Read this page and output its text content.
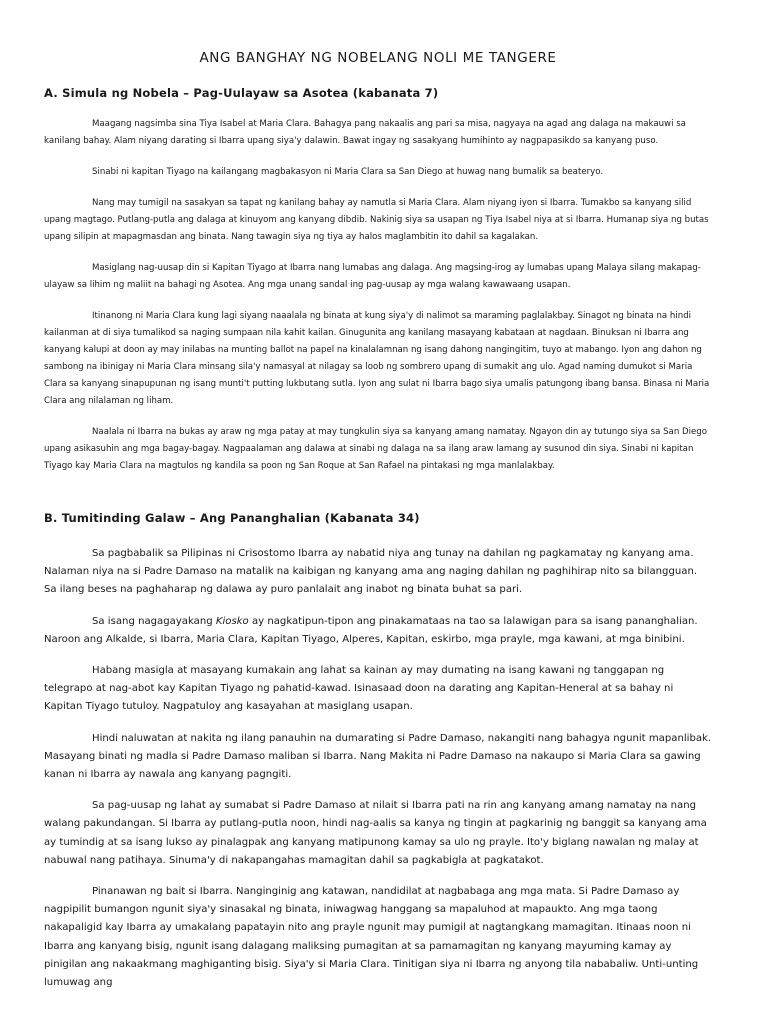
ANG BANGHAY NG NOBELANG NOLI ME TANGERE
A. Simula ng Nobela – Pag-Uulayaw sa Asotea (kabanata 7)

Maagang nagsimba sina Tiya Isabel at Maria Clara. Bahagya pang nakaalis ang pari sa misa, nagyaya na agad ang dalaga na makauwi sa kanilang bahay. Alam niyang darating si Ibarra upang siya'y dalawin. Bawat ingay ng sasakyang humihinto ay nagpapasikdo sa kanyang puso.

Sinabi ni kapitan Tiyago na kailangang magbakasyon ni Maria Clara sa San Diego at huwag nang bumalik sa beateryo.

Nang may tumigil na sasakyan sa tapat ng kanilang bahay ay namutla si Maria Clara. Alam niyang iyon si Ibarra. Tumakbo sa kanyang silid upang magtago. Putlang-putla ang dalaga at kinuyom ang kanyang dibdib. Nakinig siya sa usapan ng Tiya Isabel niya at si Ibarra. Humanap siya ng butas upang silipin at mapagmasdan ang binata. Nang tawagin siya ng tiya ay halos maglambitin ito dahil sa kagalakan.

Masiglang nag-uusap din si Kapitan Tiyago at Ibarra nang lumabas ang dalaga. Ang magsing-irog ay lumabas upang Malaya silang makapag-ulayaw sa lihim ng maliit na bahagi ng Asotea. Ang mga unang sandal ing pag-uusap ay mga walang kawawaang usapan.

Itinanong ni Maria Clara kung lagi siyang naaalala ng binata at kung siya'y di nalimot sa maraming paglalakbay. Sinagot ng binata na hindi kailanman at di siya tumalikod sa naging sumpaan nila kahit kailan. Ginugunita ang kanilang masayang kabataan at nagdaan. Binuksan ni Ibarra ang kanyang kalupi at doon ay may inilabas na munting ballot na papel na kinalalamnan ng isang dahong nangingitim, tuyo at mabango. Iyon ang dahon ng sambong na ibinigay ni Maria Clara minsang sila'y namasyal at nilagay sa loob ng sombrero upang di sumakit ang ulo. Agad naming dumukot si Maria Clara sa kanyang sinapupunan ng isang munti't putting lukbutang sutla. Iyon ang sulat ni Ibarra bago siya umalis patungong ibang bansa. Binasa ni Maria Clara ang nilalaman ng liham.

Naalala ni Ibarra na bukas ay araw ng mga patay at may tungkulin siya sa kanyang amang namatay. Ngayon din ay tutungo siya sa San Diego upang asikasuhin ang mga bagay-bagay. Nagpaalaman ang dalawa at sinabi ng dalaga na sa ilang araw lamang ay susunod din siya. Sinabi ni kapitan Tiyago kay Maria Clara na magtulos ng kandila sa poon ng San Roque at San Rafael na pintakasi ng mga manlalakbay.

B. Tumitinding Galaw – Ang Pananghalian (Kabanata 34)

Sa pagbabalik sa Pilipinas ni Crisostomo Ibarra ay nabatid niya ang tunay na dahilan ng pagkamatay ng kanyang ama. Nalaman niya na si Padre Damaso na matalik na kaibigan ng kanyang ama ang naging dahilan ng paghihirap nito sa bilangguan. Sa ilang beses na paghaharap ng dalawa ay puro panlalait ang inabot ng binata buhat sa pari.

Sa isang nagagayakang Kiosko ay nagkatipun-tipon ang pinakamataas na tao sa lalawigan para sa isang pananghalian. Naroon ang Alkalde, si Ibarra, Maria Clara, Kapitan Tiyago, Alperes, Kapitan, eskirbo, mga prayle, mga kawani, at mga binibini.

Habang masigla at masayang kumakain ang lahat sa kainan ay may dumating na isang kawani ng tanggapan ng telegrapo at nag-abot kay Kapitan Tiyago ng pahatid-kawad. Isinasaad doon na darating ang Kapitan-Heneral at sa bahay ni Kapitan Tiyago tutuloy. Nagpatuloy ang kasayahan at masiglang usapan.

Hindi naluwatan at nakita ng ilang panauhin na dumarating si Padre Damaso, nakangiti nang bahagya ngunit mapanlibak. Masayang binati ng madla si Padre Damaso maliban si Ibarra. Nang Makita ni Padre Damaso na nakaupo si Maria Clara sa gawing kanan ni Ibarra ay nawala ang kanyang pagngiti.

Sa pag-uusap ng lahat ay sumabat si Padre Damaso at nilait si Ibarra pati na rin ang kanyang amang namatay na nang walang pakundangan. Si Ibarra ay putlang-putla noon, hindi nag-aalis sa kanya ng tingin at pagkarinig ng banggit sa kanyang ama ay tumindig at sa isang lukso ay pinalagpak ang kanyang matipunong kamay sa ulo ng prayle. Ito'y biglang nawalan ng malay at nabuwal nang patihaya. Sinuma'y di nakapangahas mamagitan dahil sa pagkabigla at pagkatakot.

Pinanawan ng bait si Ibarra. Nanginginig ang katawan, nandidilat at nagbabaga ang mga mata. Si Padre Damaso ay nagpipilit bumangon ngunit siya'y sinasakal ng binata, iniwagwag hanggang sa mapaluhod at mapaukto. Ang mga taong nakapaligid kay Ibarra ay umakalang papatayin nito ang prayle ngunit may pumigil at nagtangkang mamagitan. Itinaas noon ni Ibarra ang kanyang bisig, ngunit isang dalagang maliksing pumagitan at sa pamamagitan ng kanyang mayuming kamay ay pinigilan ang nakaakmang maghiganting bisig. Siya'y si Maria Clara. Tinitigan siya ni Ibarra ng anyong tila nababaliw. Unti-unting lumuwag ang
